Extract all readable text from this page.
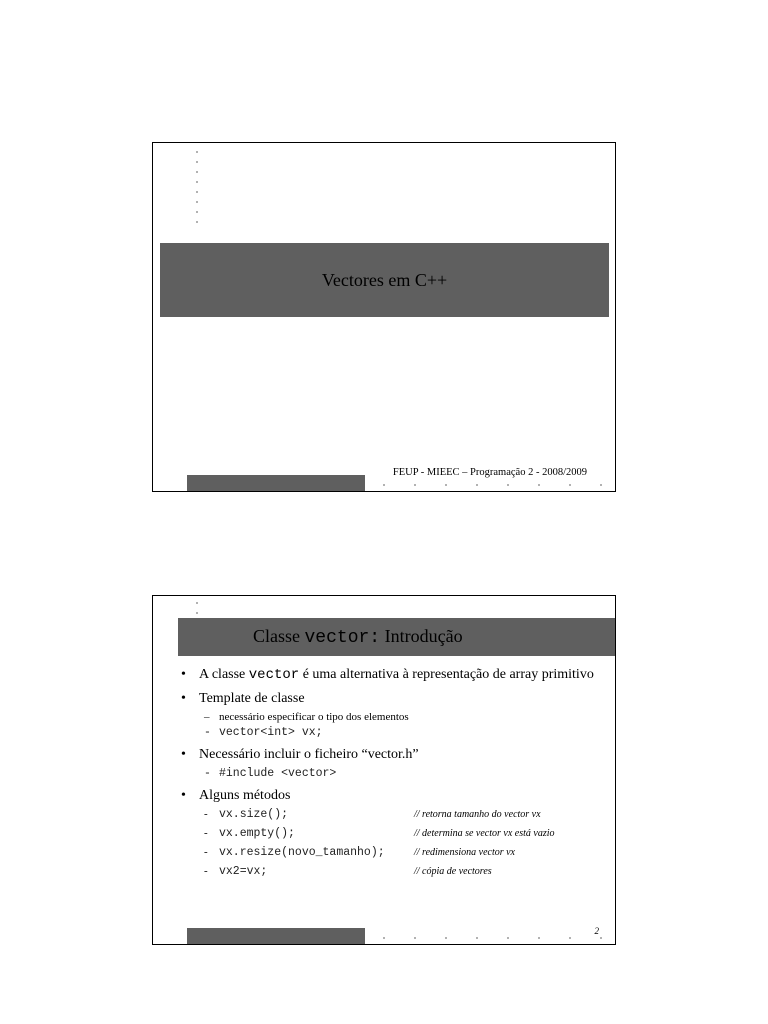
Vectores em C++
FEUP - MIEEC – Programação 2 - 2008/2009
Classe vector: Introdução
• A classe vector é uma alternativa à representação de array primitivo
• Template de classe
– necessário especificar o tipo dos elementos
- vector<int> vx;
• Necessário incluir o ficheiro “vector.h”
- #include <vector>
• Alguns métodos
- vx.size();	// retorna tamanho do vector vx
- vx.empty();	// determina se vector vx está vazio
- vx.resize(novo_tamanho);	// redimensiona vector vx
- vx2=vx;	// cópia de vectores
2
